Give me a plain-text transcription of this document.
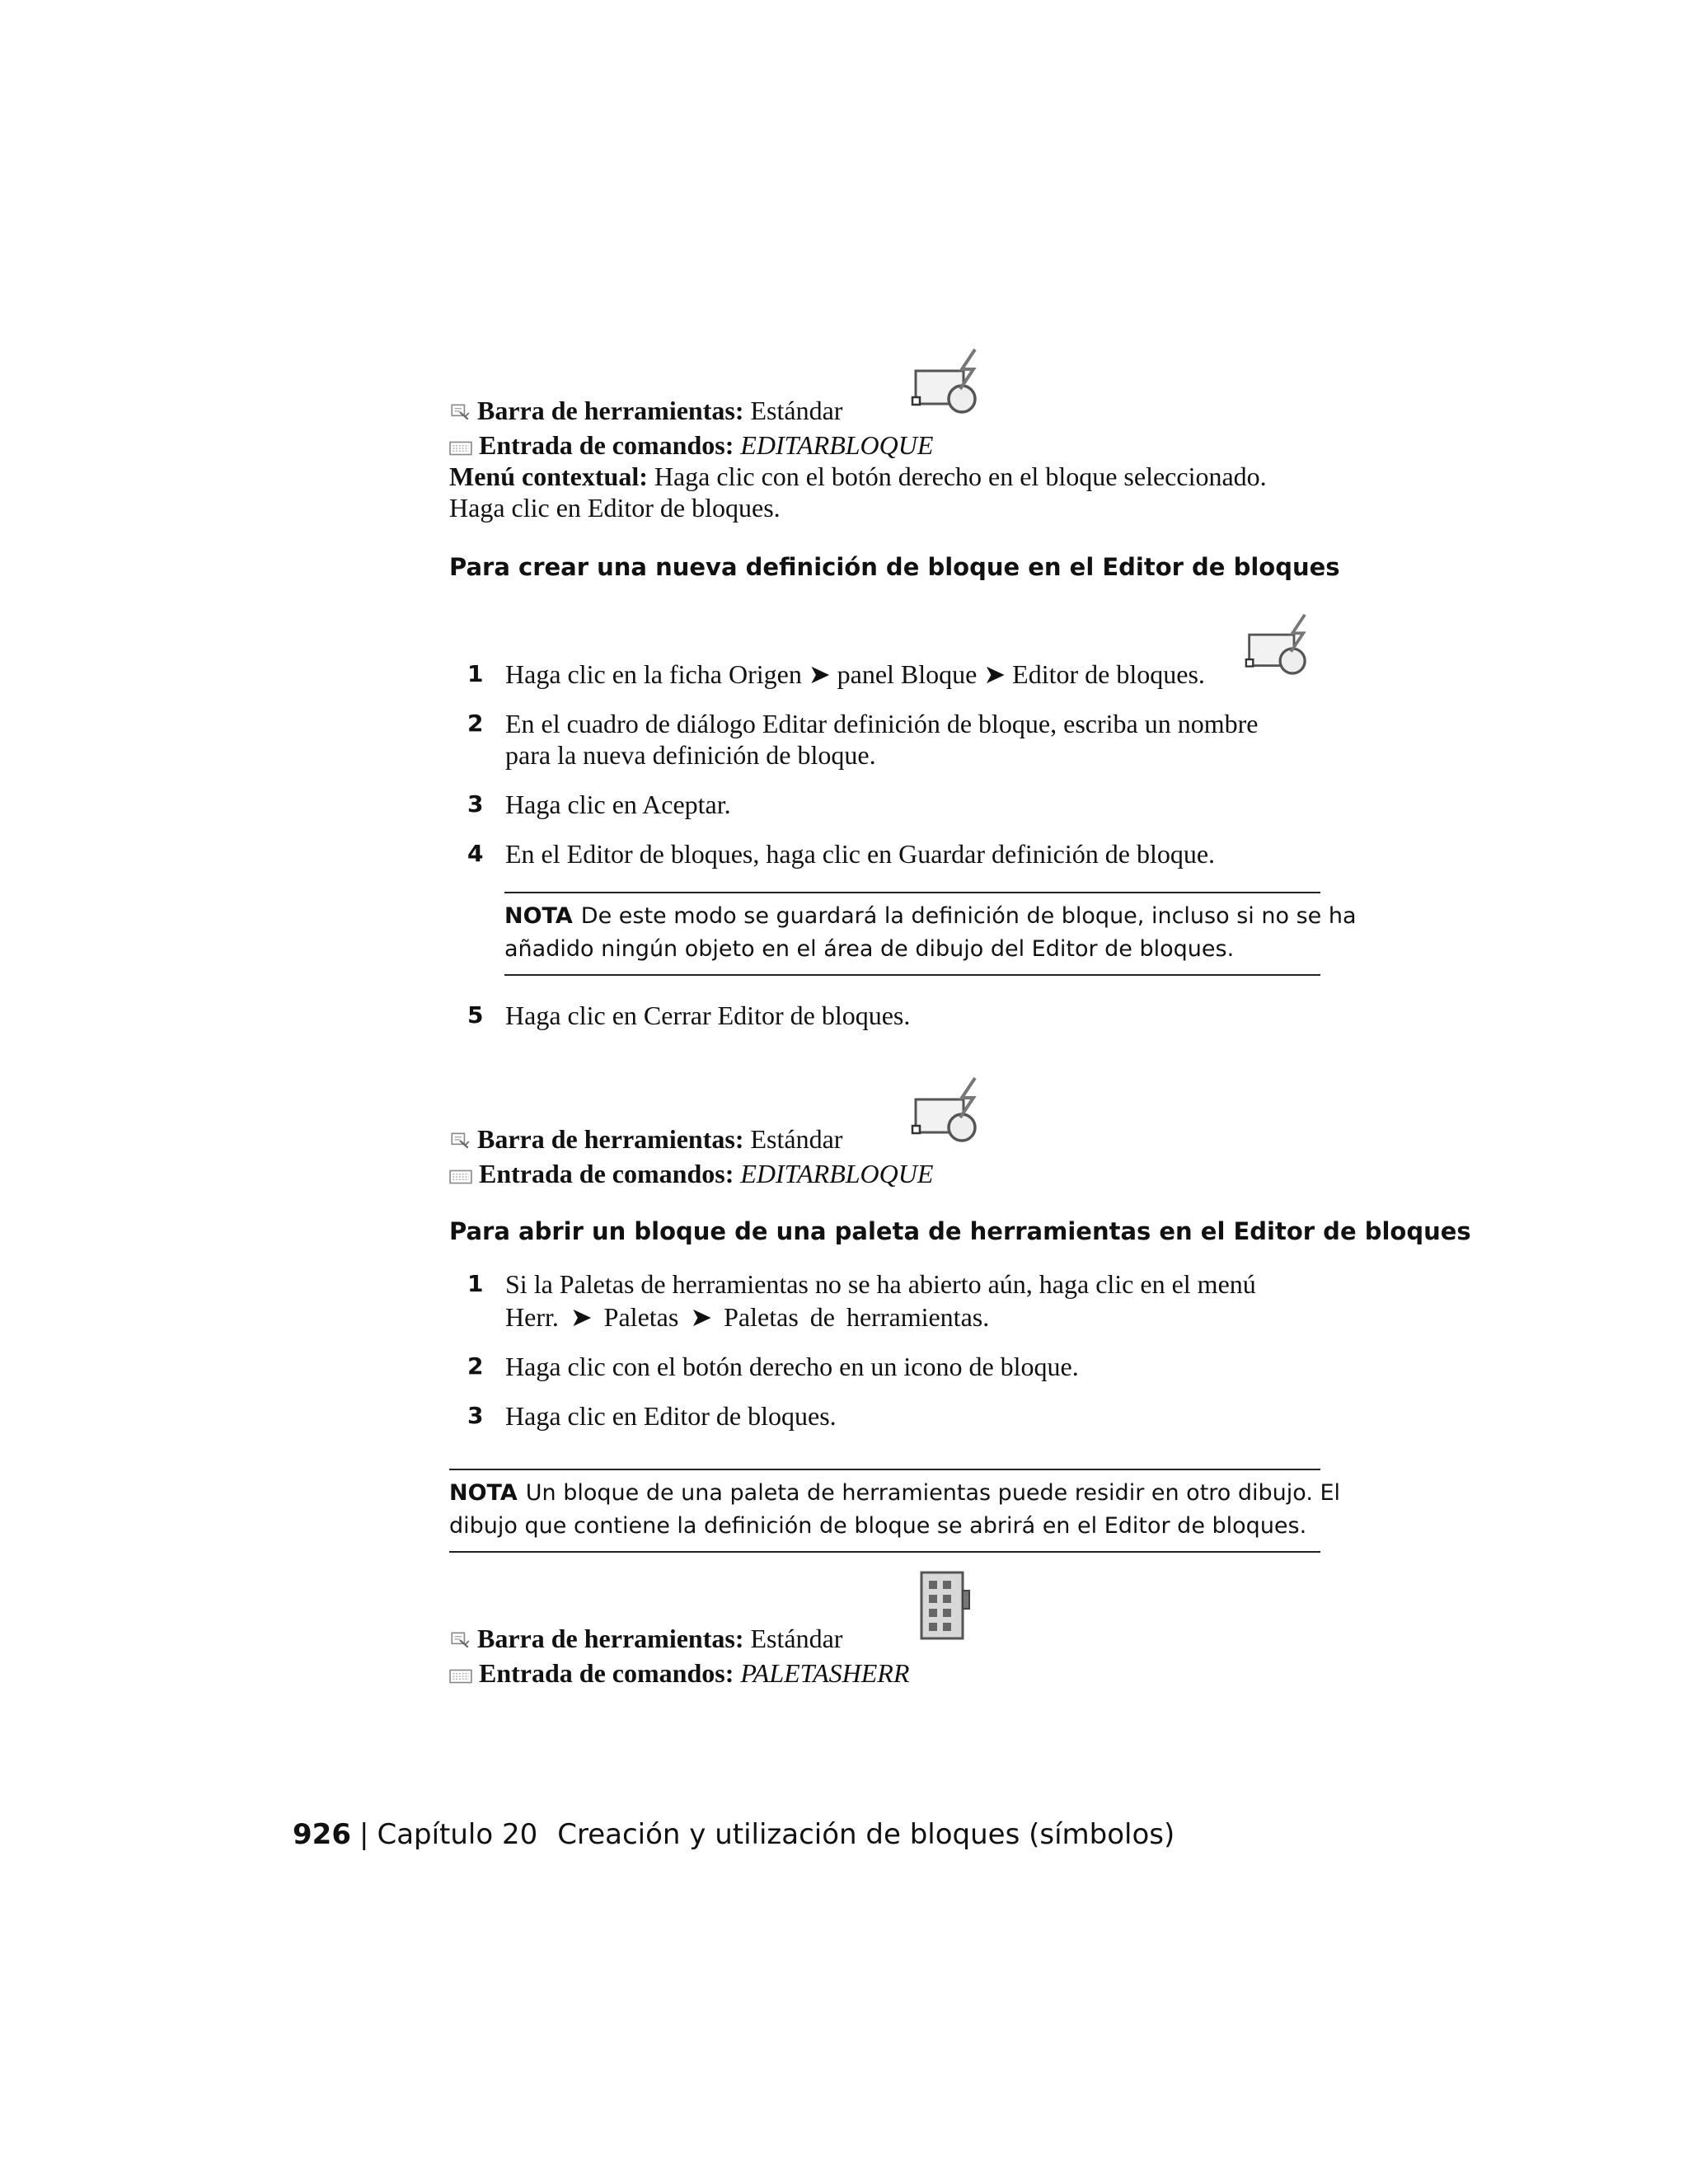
Barra de herramientas: Estándar
Entrada de comandos: EDITARBLOQUE
Menú contextual: Haga clic con el botón derecho en el bloque seleccionado.
Haga clic en Editor de bloques.
Para crear una nueva definición de bloque en el Editor de bloques
1 Haga clic en la ficha Origen ➤ panel Bloque ➤ Editor de bloques.
2 En el cuadro de diálogo Editar definición de bloque, escriba un nombre
para la nueva definición de bloque.
3 Haga clic en Aceptar.
4 En el Editor de bloques, haga clic en Guardar definición de bloque.
NOTA De este modo se guardará la definición de bloque, incluso si no se ha
añadido ningún objeto en el área de dibujo del Editor de bloques.
5 Haga clic en Cerrar Editor de bloques.
Barra de herramientas: Estándar
Entrada de comandos: EDITARBLOQUE
Para abrir un bloque de una paleta de herramientas en el Editor de bloques
1 Si la Paletas de herramientas no se ha abierto aún, haga clic en el menú
Herr. ➤ Paletas ➤ Paletas de herramientas.
2 Haga clic con el botón derecho en un icono de bloque.
3 Haga clic en Editor de bloques.
NOTA Un bloque de una paleta de herramientas puede residir en otro dibujo. El
dibujo que contiene la definición de bloque se abrirá en el Editor de bloques.
Barra de herramientas: Estándar
Entrada de comandos: PALETASHERR
926 | Capítulo 20 Creación y utilización de bloques (símbolos)
